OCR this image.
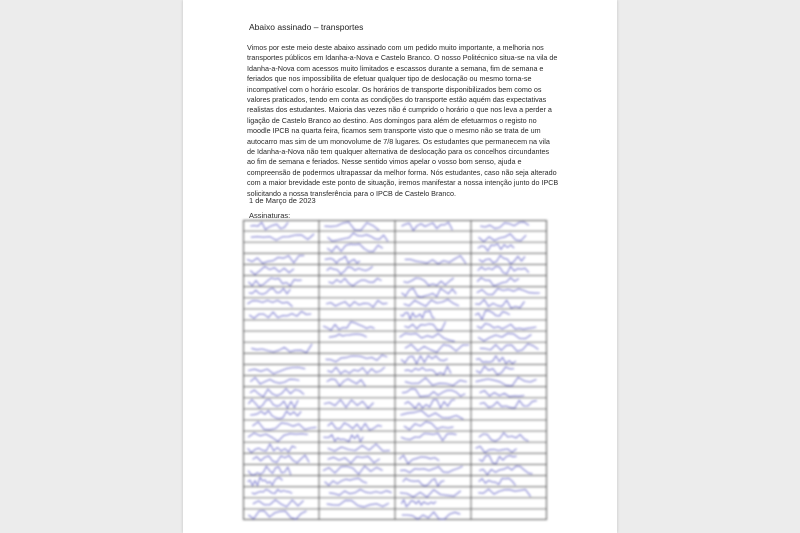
Abaixo assinado – transportes

Vimos por este meio deste abaixo assinado com um pedido muito importante, a melhoria nos transportes públicos em Idanha-a-Nova e Castelo Branco. O nosso Politécnico situa-se na vila de Idanha-a-Nova com acessos muito limitados e escassos durante a semana, fim de semana e feriados que nos impossibilita de efetuar qualquer tipo de deslocação ou mesmo torna-se incompatível com o horário escolar. Os horários de transporte disponibilizados bem como os valores praticados, tendo em conta as condições do transporte estão aquém das expectativas realistas dos estudantes. Maioria das vezes não é cumprido o horário o que nos leva a perder a ligação de Castelo Branco ao destino. Aos domingos para além de efetuarmos o registo no moodle IPCB na quarta feira, ficamos sem transporte visto que o mesmo não se trata de um autocarro mas sim de um monovolume de 7/8 lugares. Os estudantes que permanecem na vila de Idanha-a-Nova não tem qualquer alternativa de deslocação para os concelhos circundantes ao fim de semana e feriados. Nesse sentido vimos apelar o vosso bom senso, ajuda e compreensão de podermos ultrapassar da melhor forma. Nós estudantes, caso não seja alterado com a maior brevidade este ponto de situação, iremos manifestar a nossa intenção junto do IPCB solicitando a nossa transferência para o IPCB de Castelo Branco.

1 de Março de 2023
Assinaturas:
